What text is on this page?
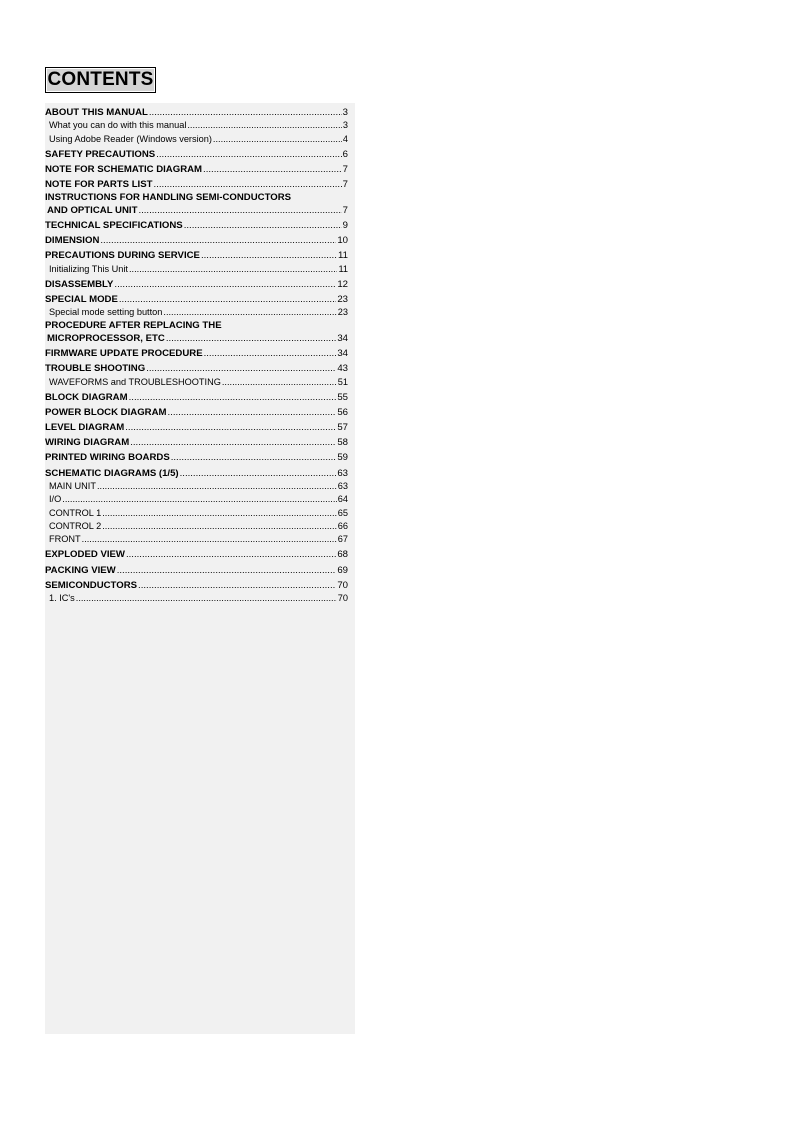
CONTENTS
ABOUT THIS MANUAL .....	3
What you can do with this manual .....	3
Using Adobe Reader (Windows version) .....	4
SAFETY PRECAUTIONS .....	6
NOTE FOR SCHEMATIC DIAGRAM .....	7
NOTE FOR PARTS LIST .....	7
INSTRUCTIONS FOR HANDLING SEMI-CONDUCTORS
AND OPTICAL UNIT .....	7
TECHNICAL SPECIFICATIONS .....	9
DIMENSION .....	10
PRECAUTIONS DURING SERVICE .....	11
Initializing This Unit .....	11
DISASSEMBLY .....	12
SPECIAL MODE .....	23
Special mode setting button .....	23
PROCEDURE AFTER REPLACING THE
MICROPROCESSOR, ETC .....	34
FIRMWARE UPDATE PROCEDURE .....	34
TROUBLE SHOOTING .....	43
WAVEFORMS and TROUBLESHOOTING .....	51
BLOCK DIAGRAM .....	55
POWER BLOCK DIAGRAM .....	56
LEVEL DIAGRAM .....	57
WIRING DIAGRAM .....	58
PRINTED WIRING BOARDS .....	59
SCHEMATIC DIAGRAMS (1/5) .....	63
MAIN UNIT .....	63
I/O .....	64
CONTROL 1 .....	65
CONTROL 2 .....	66
FRONT .....	67
EXPLODED VIEW .....	68
PACKING VIEW .....	69
SEMICONDUCTORS .....	70
1. IC's .....	70
